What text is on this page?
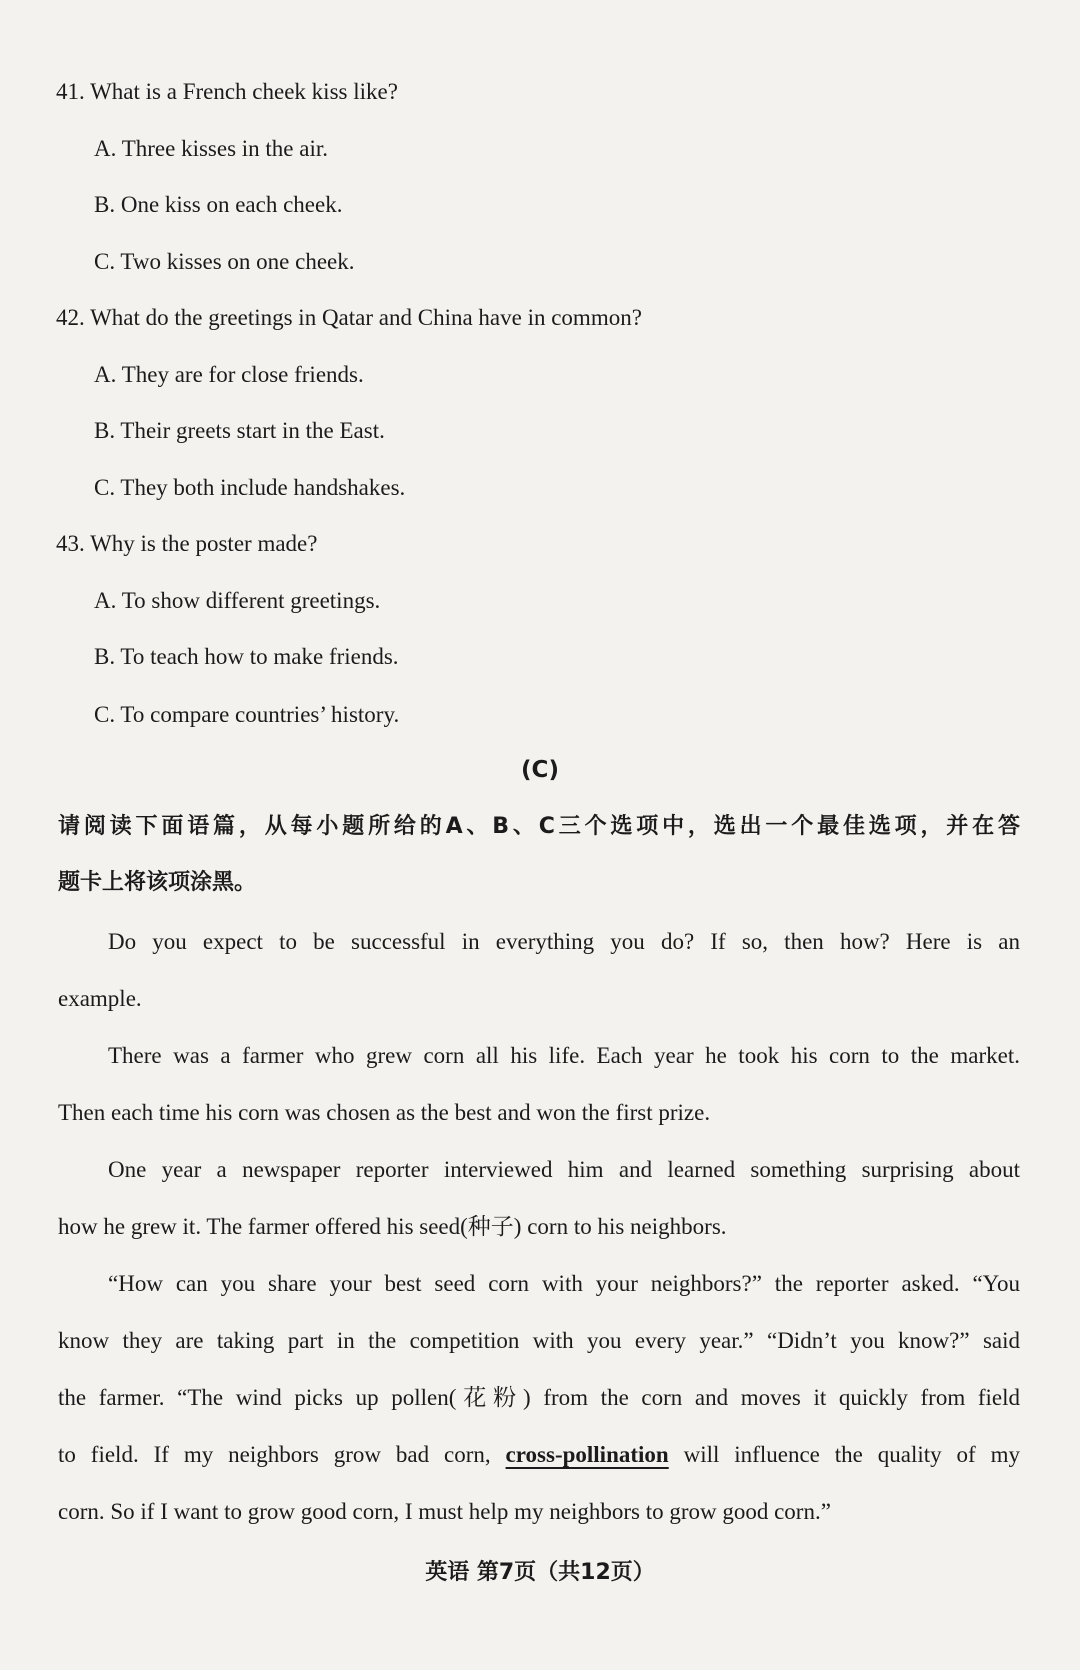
41. What is a French cheek kiss like?
A. Three kisses in the air.
B. One kiss on each cheek.
C. Two kisses on one cheek.
42. What do the greetings in Qatar and China have in common?
A. They are for close friends.
B. Their greets start in the East.
C. They both include handshakes.
43. Why is the poster made?
A. To show different greetings.
B. To teach how to make friends.
C. To compare countries’ history.
(C)
请阅读下面语篇，从每小题所给的A、B、C三个选项中，选出一个最佳选项，并在答
题卡上将该项涂黑。
Do you expect to be successful in everything you do? If so, then how? Here is an
example.
There was a farmer who grew corn all his life. Each year he took his corn to the market.
Then each time his corn was chosen as the best and won the first prize.
One year a newspaper reporter interviewed him and learned something surprising about
how he grew it. The farmer offered his seed(种子) corn to his neighbors.
“How can you share your best seed corn with your neighbors?” the reporter asked. “You
know they are taking part in the competition with you every year.” “Didn’t you know?” said
the farmer. “The wind picks up pollen(花粉) from the corn and moves it quickly from field
to field. If my neighbors grow bad corn, cross-pollination will influence the quality of my
corn. So if I want to grow good corn, I must help my neighbors to grow good corn.”
英语 第7页（共12页）
